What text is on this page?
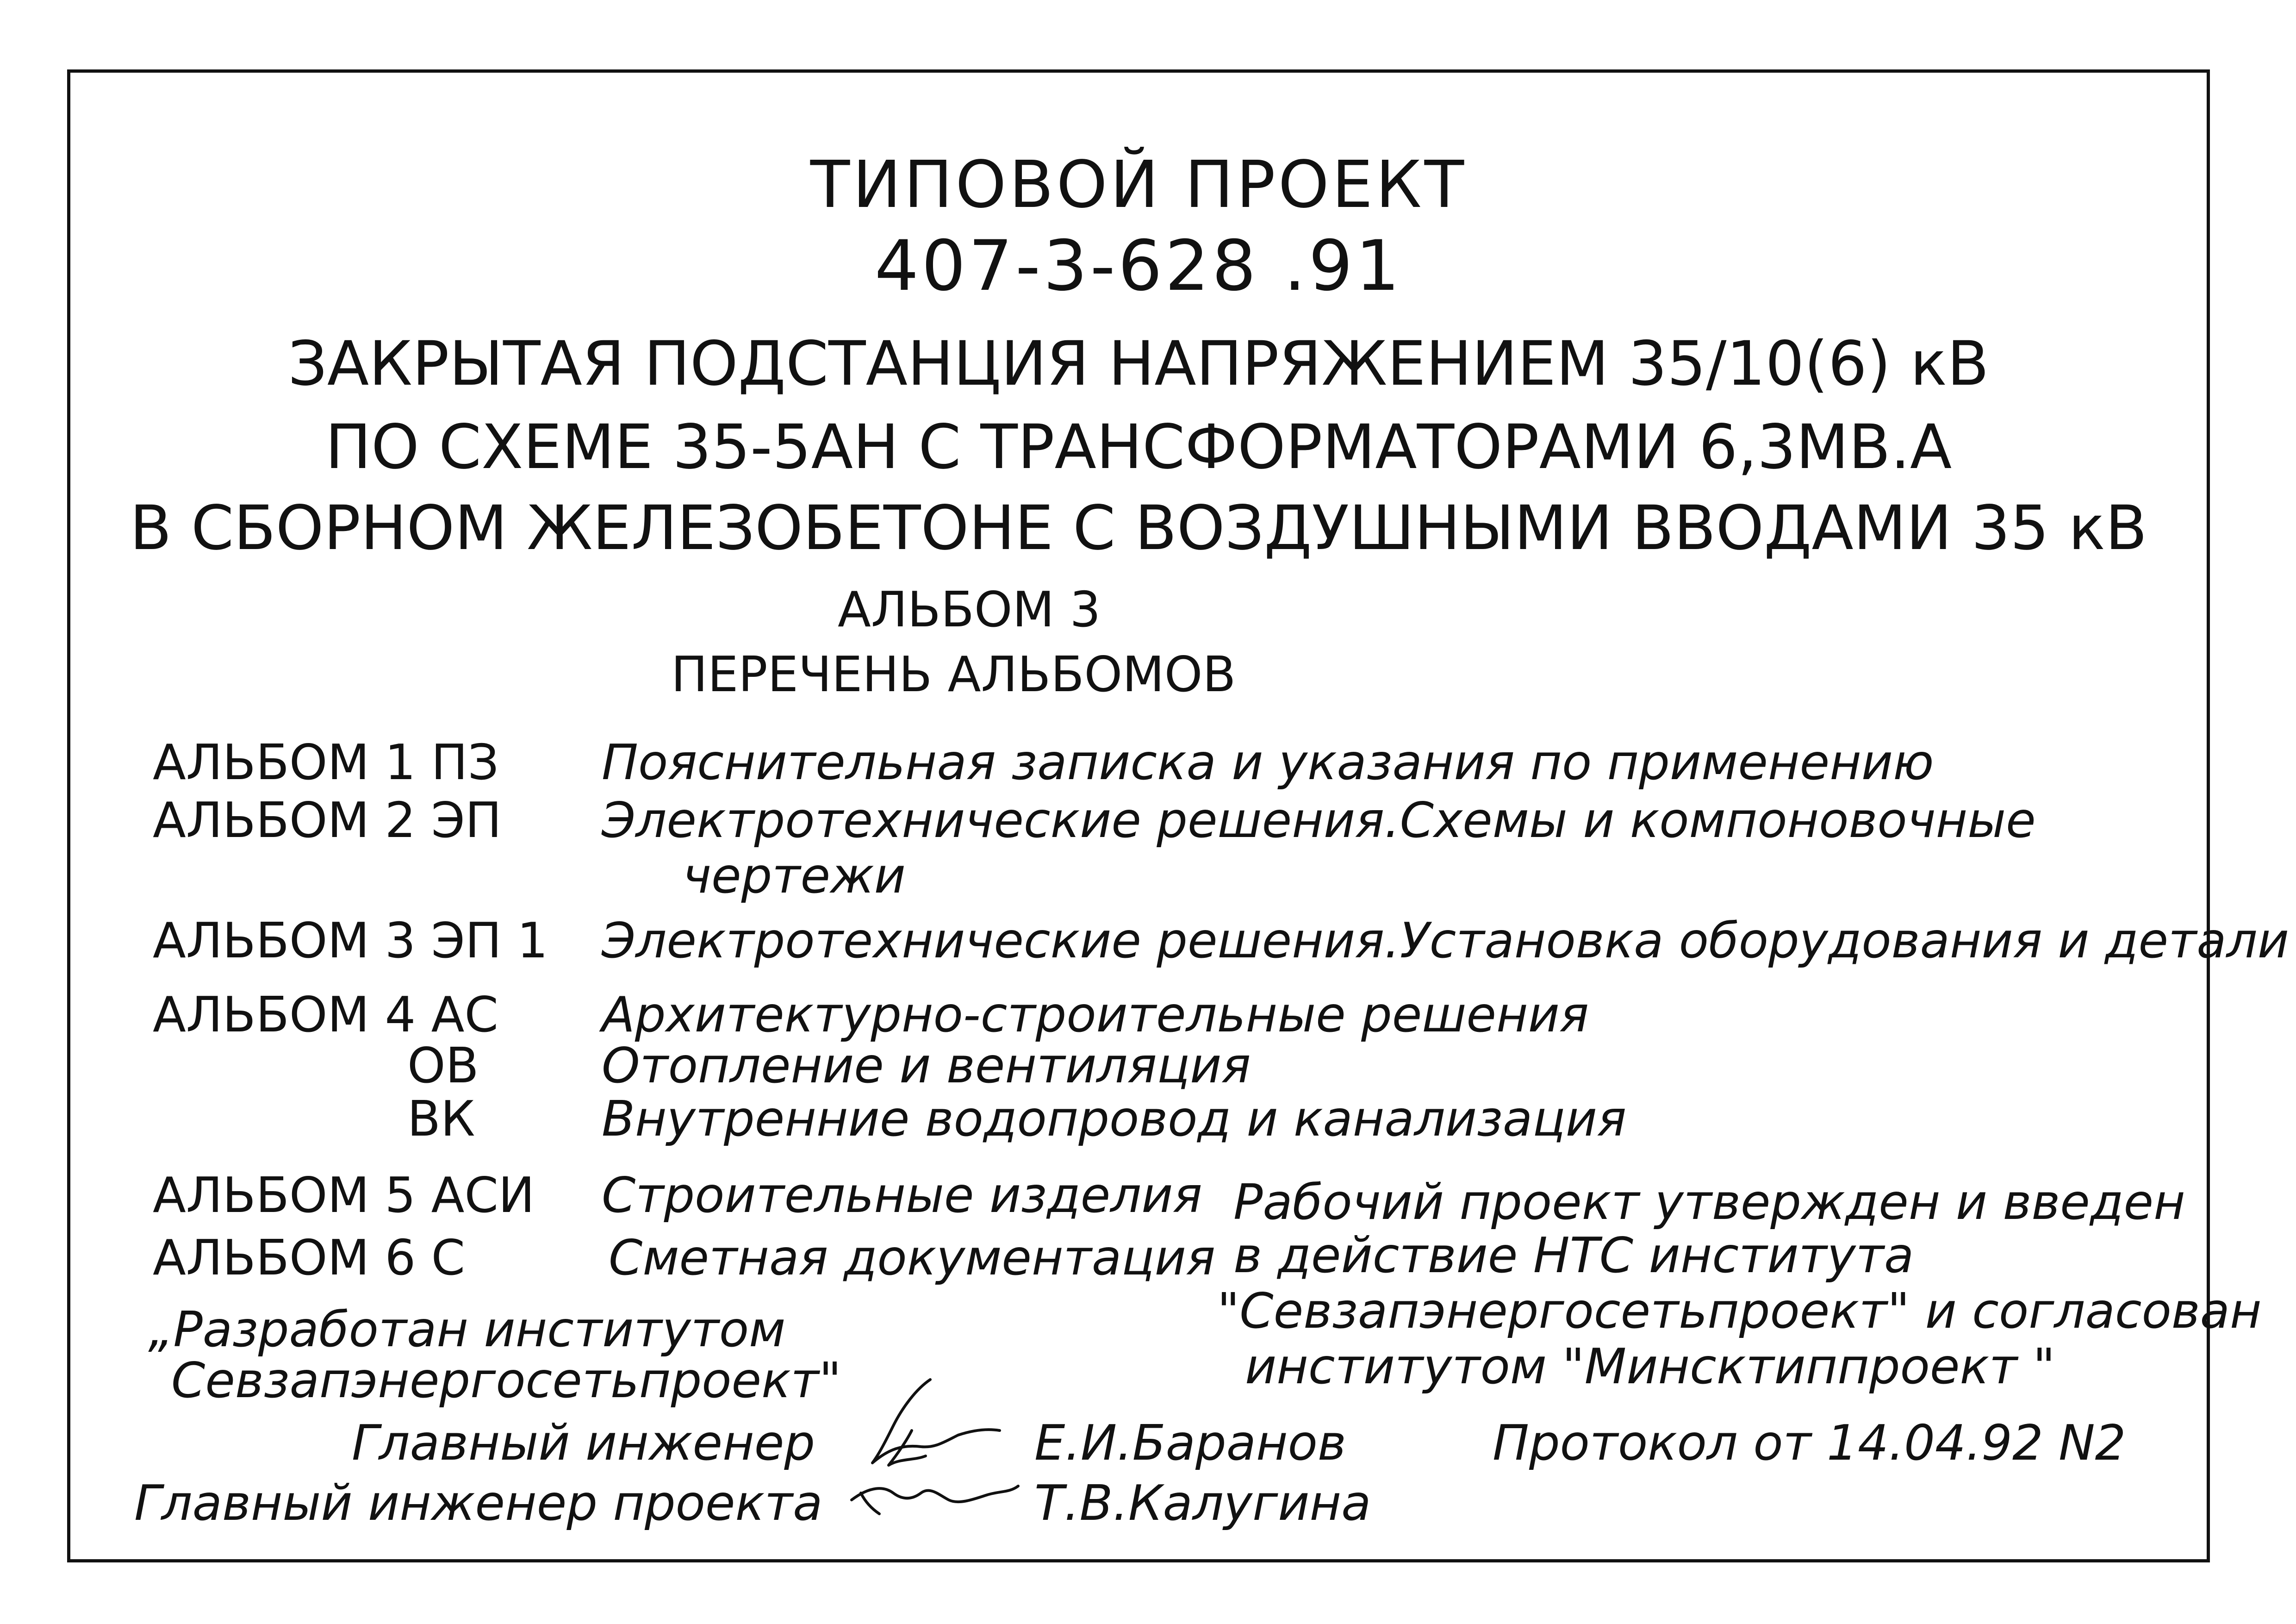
ТИПОВОЙ ПРОЕКТ
407-3-628 .91
ЗАКРЫТАЯ ПОДСТАНЦИЯ НАПРЯЖЕНИЕМ 35/10(6) кВ
ПО СХЕМЕ 35-5АН С ТРАНСФОРМАТОРАМИ 6,3МВ.А
В СБОРНОМ ЖЕЛЕЗОБЕТОНЕ С ВОЗДУШНЫМИ ВВОДАМИ 35 кВ
АЛЬБОМ 3
ПЕРЕЧЕНЬ АЛЬБОМОВ
АЛЬБОМ 1 ПЗ Пояснительная записка и указания по применению
АЛЬБОМ 2 ЭП Электротехнические решения.Схемы и компоновочные
чертежи
АЛЬБОМ 3 ЭП 1 Электротехнические решения.Установка оборудования и детали
АЛЬБОМ 4 АС Архитектурно-строительные решения
ОВ	Отопление и вентиляция
ВК	Внутренние водопровод и канализация
АЛЬБОМ 5 АСИ Строительные изделия
АЛЬБОМ 6 С	Сметная документация
Рабочий проект утвержден и введен
в действие НТС института
"Севзапэнергосетьпроект" и согласован
институтом "Минсктиппроект "
„Разработан институтом
Севзапэнергосетьпроект"
Главный инженер	Е.И.Баранов
Главный инженер проекта	Т.В.Калугина
Протокол от 14.04.92 N2
